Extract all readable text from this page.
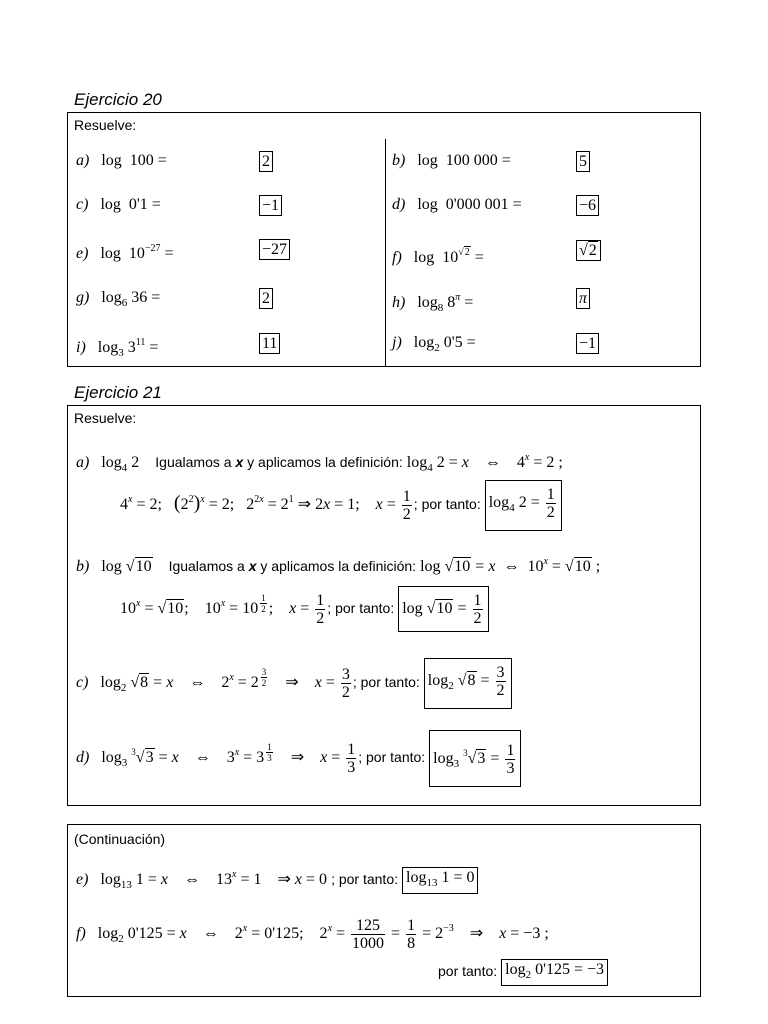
Ejercicio 20
Resuelve:
a)   log  100 =	2	b)   log  100 000 =	5
c)   log  0'1 =	−1	d)   log  0'000 001 =	−6
e)   $\log 10^{-27}$ =	−27	f)   $\log 10^{√2}$ =	√2
g)   $\log_6 36$ =	2	h)   $\log_8 8^\pi$ =	π
i)   $\log_3 3^{11}$ =	11	j)   $\log_2 0'5$ =	−1
Ejercicio 21
Resuelve:
a)   $\log_4 2$    Igualamos a x y aplicamos la definición: $\log_4 2 = x$    ⇔    $4^x = 2$ ;
$4^x = 2$;   $(2^2)^x = 2$;   $2^{2x} = 2^1$ ⇒ 2x = 1;    $x = \frac{1}{2}$ ; por tanto: $\log_4 2 = \frac{1}{2}$
b)   log √10 Igualamos a x y aplicamos la definición: log √10 = x  ⇔  $10^x = √10$ ;
$10^x = √10$;    $10^x = 10$ $^{\frac{1}{2}}$ ;    $x = \frac{1}{2}$ ; por tanto: $\log √10 = \frac{1}{2}$
c)   $\log_2 √8 = x$    ⇔    $2^x = 2$ $^{\frac{3}{2}}$ ⇒    $x = \frac{3}{2}$ ; por tanto: $\log_2 √8 = \frac{3}{2}$
d)   $\log_3 ^3√3 = x$    ⇔    $3^x = 3$ $^{\frac{1}{3}}$ ⇒    $x = \frac{1}{3}$ ; por tanto: $\log_3 ^3√3 = \frac{1}{3}$
(Continuación)
e)   $\log_{13} 1 = x$    ⇔    $13^x = 1$    ⇒ x = 0 ; por tanto: $\log_{13} 1 = 0$
f)   $\log_2 0'125 = x$    ⇔    $2^x = 0'125$;    $2^x = \frac{125}{1000} = \frac{1}{8} = 2^{-3}$    ⇒    x = −3 ;
por tanto: $\log_2 0'125 = -3$
